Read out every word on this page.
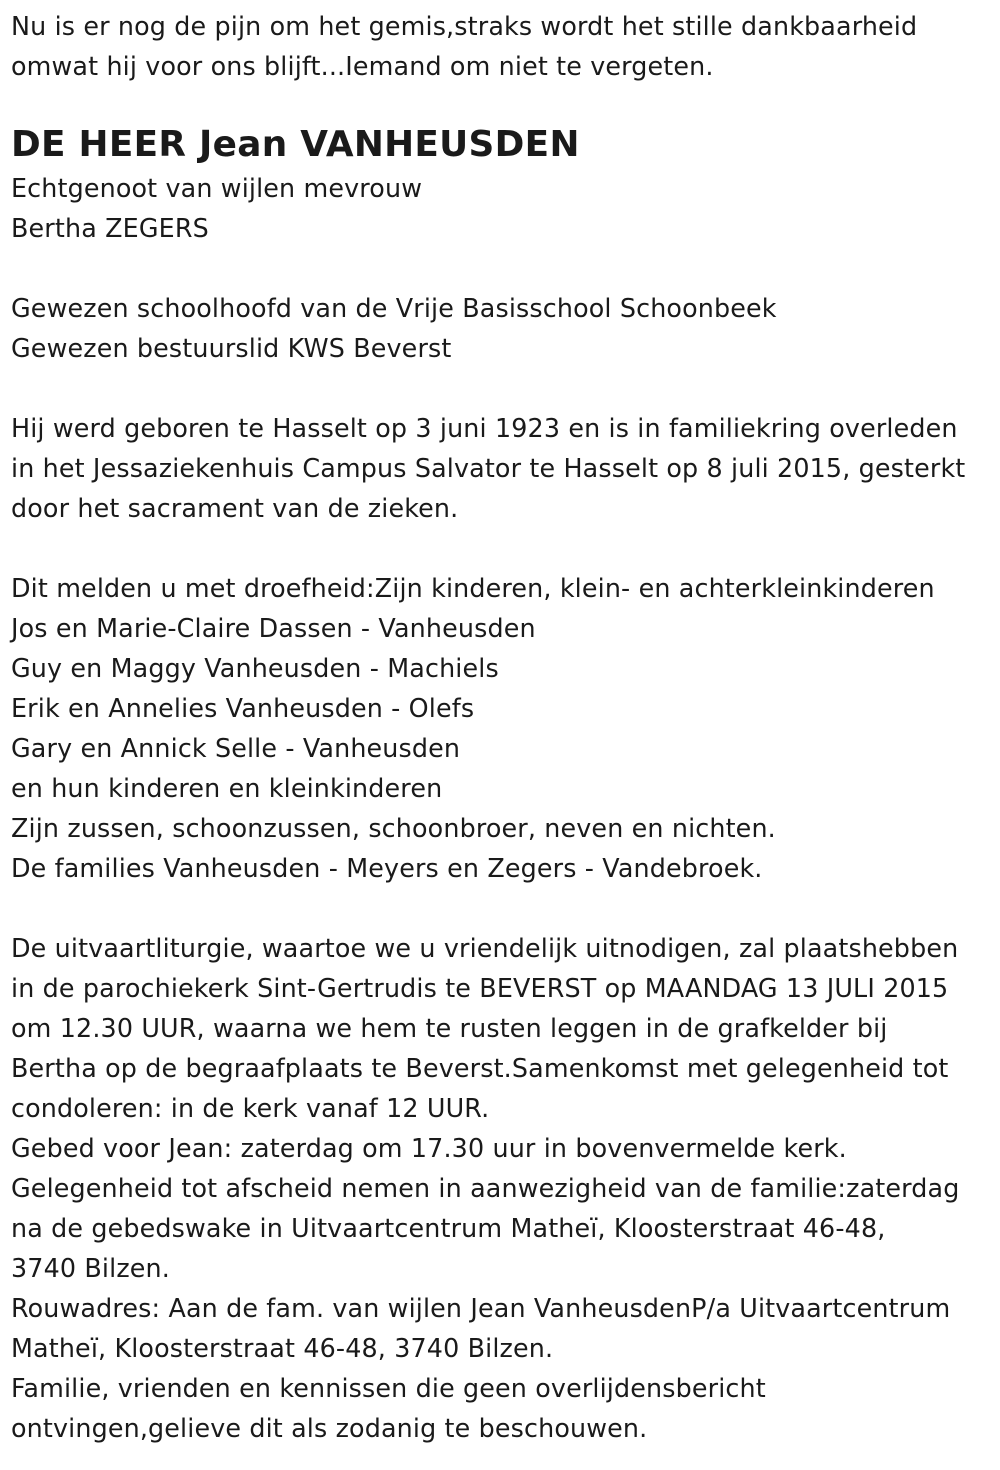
Nu is er nog de pijn om het gemis,straks wordt het stille dankbaarheid
omwat hij voor ons blijft...Iemand om niet te vergeten.
DE HEER Jean VANHEUSDEN
Echtgenoot van wijlen mevrouw
Bertha ZEGERS
Gewezen schoolhoofd van de Vrije Basisschool Schoonbeek
Gewezen bestuurslid KWS Beverst
Hij werd geboren te Hasselt op 3 juni 1923 en is in familiekring overleden
in het Jessaziekenhuis Campus Salvator te Hasselt op 8 juli 2015, gesterkt
door het sacrament van de zieken.
Dit melden u met droefheid:Zijn kinderen, klein- en achterkleinkinderen
Jos en Marie-Claire Dassen - Vanheusden
Guy en Maggy Vanheusden - Machiels
Erik en Annelies Vanheusden - Olefs
Gary en Annick Selle - Vanheusden
en hun kinderen en kleinkinderen
Zijn zussen, schoonzussen, schoonbroer, neven en nichten.
De families Vanheusden - Meyers en Zegers - Vandebroek.
De uitvaartliturgie, waartoe we u vriendelijk uitnodigen, zal plaatshebben
in de parochiekerk Sint-Gertrudis te BEVERST op MAANDAG 13 JULI 2015
om 12.30 UUR, waarna we hem te rusten leggen in de grafkelder bij
Bertha op de begraafplaats te Beverst.Samenkomst met gelegenheid tot
condoleren: in de kerk vanaf 12 UUR.
Gebed voor Jean: zaterdag om 17.30 uur in bovenvermelde kerk.
Gelegenheid tot afscheid nemen in aanwezigheid van de familie:zaterdag
na de gebedswake in Uitvaartcentrum Matheï, Kloosterstraat 46-48,
3740 Bilzen.
Rouwadres: Aan de fam. van wijlen Jean VanheusdenP/a Uitvaartcentrum
Matheï, Kloosterstraat 46-48, 3740 Bilzen.
Familie, vrienden en kennissen die geen overlijdensbericht
ontvingen,gelieve dit als zodanig te beschouwen.
